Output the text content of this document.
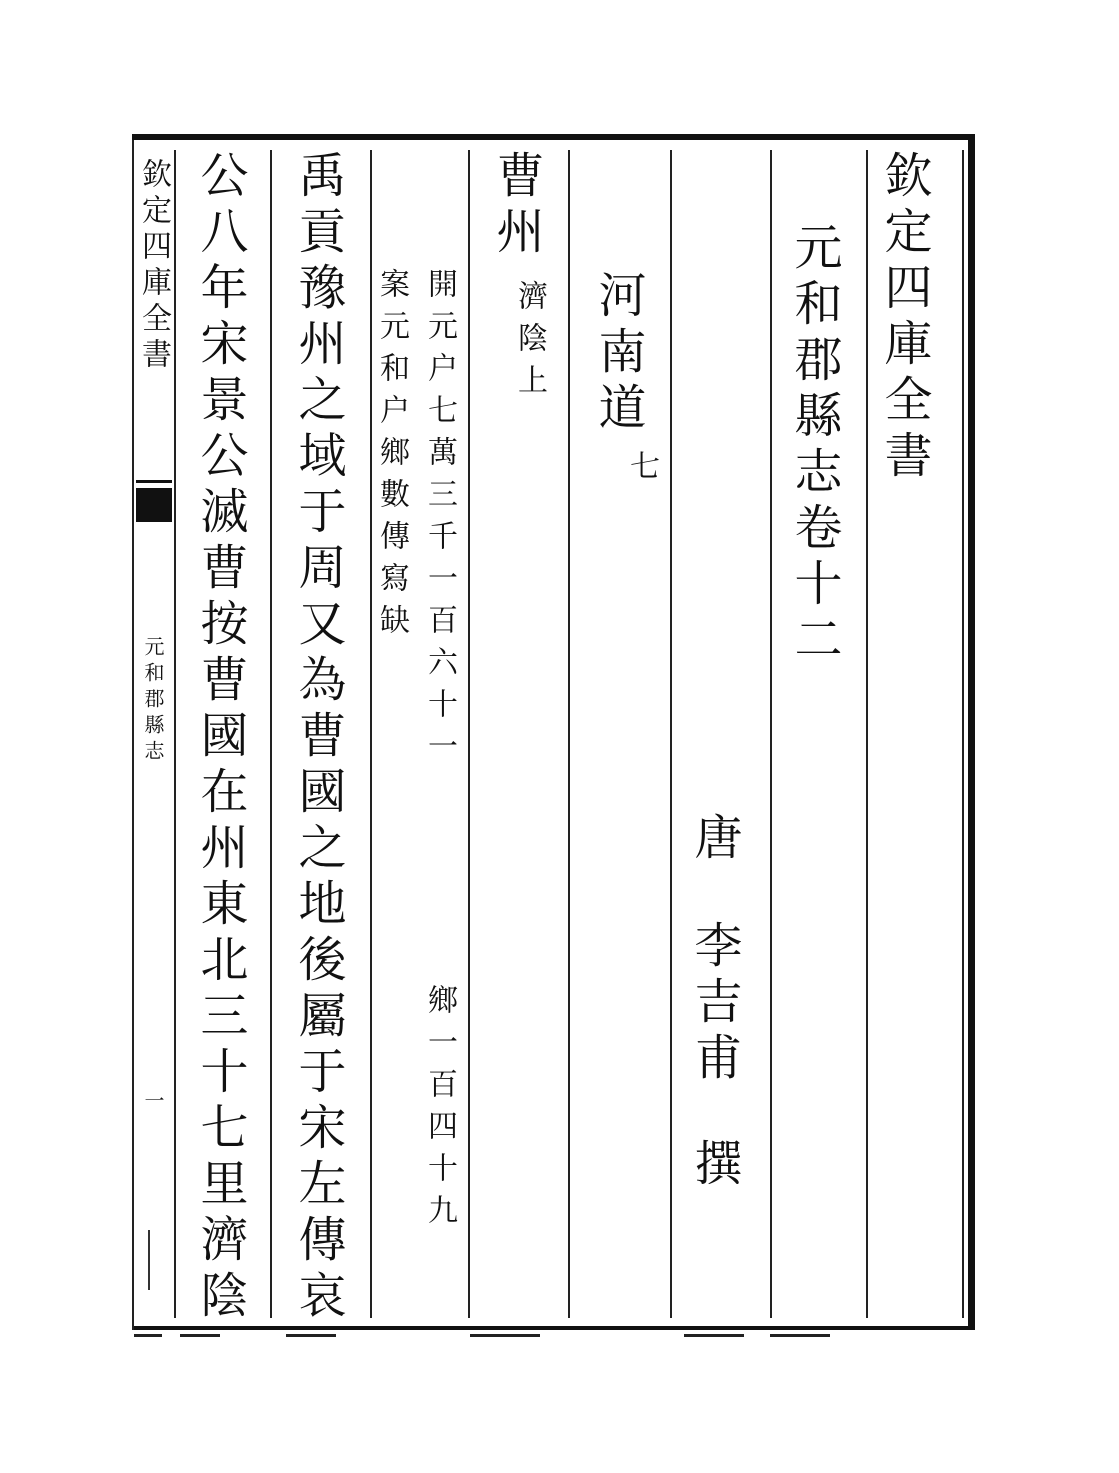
欽定四庫全書
元和郡縣志
一
欽定四庫全書
元和郡縣志卷十二
唐
李吉甫
撰
河南道
七
曹州
濟陰上
開元户七萬三千一百六十一
鄉一百四十九
案元和户鄉數傳寫缺
禹貢豫州之域于周又為曹國之地後屬于宋左傳哀
公八年宋景公滅曹按曹國在州東北三十七里濟陰
